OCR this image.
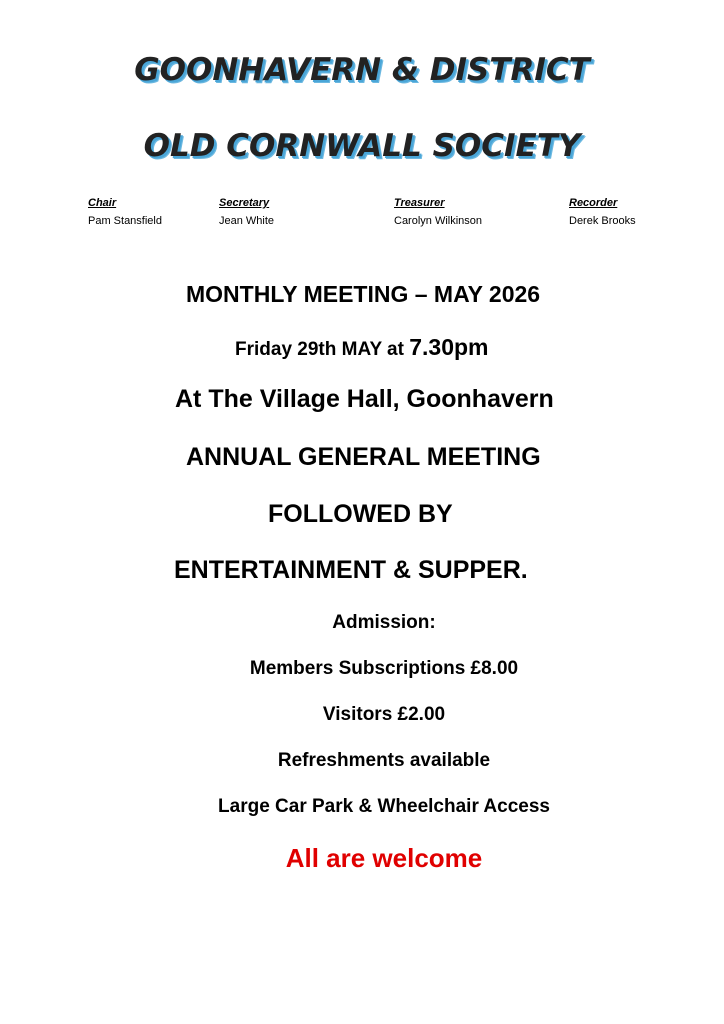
GOONHAVERN & DISTRICT
OLD CORNWALL SOCIETY
Chair	Secretary	Treasurer	Recorder
Pam Stansfield	Jean White	Carolyn Wilkinson	Derek Brooks
MONTHLY MEETING – MAY 2026
Friday 29th MAY at 7.30pm
At The Village Hall, Goonhavern
ANNUAL GENERAL MEETING
FOLLOWED BY
ENTERTAINMENT & SUPPER.
Admission:
Members Subscriptions £8.00
Visitors £2.00
Refreshments available
Large Car Park & Wheelchair Access
All are welcome
